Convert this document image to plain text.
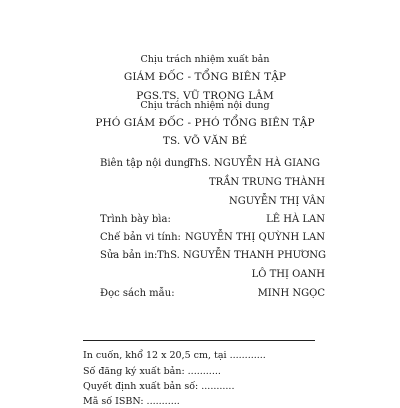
Chịu trách nhiệm xuất bản
GIÁM ĐỐC - TỔNG BIÊN TẬP
PGS.TS. VŨ TRỌNG LÂM
Chịu trách nhiệm nội dung
PHÓ GIÁM ĐỐC - PHÓ TỔNG BIÊN TẬP
TS. VÕ VĂN BÉ
Biên tập nội dung:
ThS. NGUYỄN HÀ GIANG
TRẦN TRUNG THÀNH
NGUYỄN THỊ VÂN
Trình bày bìa:	LÊ HÀ LAN
Chế bản vi tính: NGUYỄN THỊ QUỲNH LAN
Sửa bản in: ThS. NGUYỄN THANH PHƯƠNG
LÔ THỊ OANH
Đọc sách mẫu:	MINH NGỌC
In cuốn, khổ 12 x 20,5 cm, tại ............
Số đăng ký xuất bản: ...........
Quyết định xuất bản số: ...........
Mã số ISBN: ...........
